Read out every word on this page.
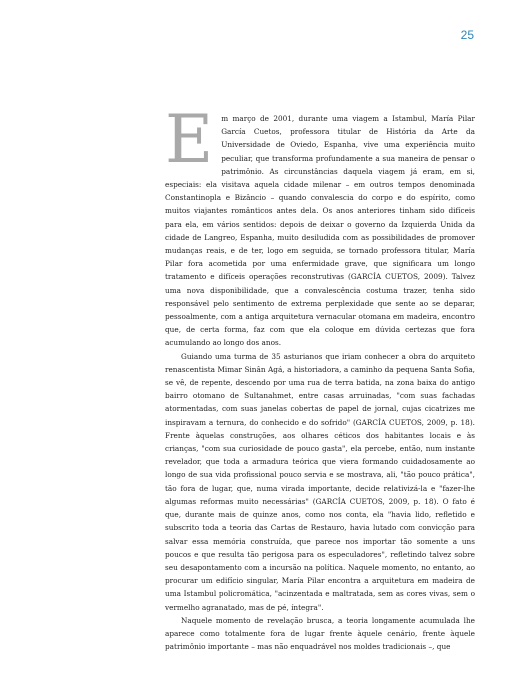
25

E m março de 2001, durante uma viagem a Istambul, María Pilar García Cuetos, professora titular de História da Arte da Universidade de Oviedo, Espanha, vive uma experiência muito peculiar, que transforma profundamente a sua maneira de pensar o patrimônio. As circunstâncias daquela viagem já eram, em si, especiais: ela visitava aquela cidade milenar – em outros tempos denominada Constantinopla e Bizâncio – quando convalescia do corpo e do espírito, como muitos viajantes românticos antes dela. Os anos anteriores tinham sido difíceis para ela, em vários sentidos: depois de deixar o governo da Izquierda Unida da cidade de Langreo, Espanha, muito desiludida com as possibilidades de promover mudanças reais, e de ter, logo em seguida, se tornado professora titular, María Pilar fora acometida por uma enfermidade grave, que significara um longo tratamento e difíceis operações reconstrutivas (GARCÍA CUETOS, 2009). Talvez uma nova disponibilidade, que a convalescência costuma trazer, tenha sido responsável pelo sentimento de extrema perplexidade que sente ao se deparar, pessoalmente, com a antiga arquitetura vernacular otomana em madeira, encontro que, de certa forma, faz com que ela coloque em dúvida certezas que fora acumulando ao longo dos anos.

Guiando uma turma de 35 asturianos que iriam conhecer a obra do arquiteto renascentista Mimar Sinân Agá, a historiadora, a caminho da pequena Santa Sofia, se vê, de repente, descendo por uma rua de terra batida, na zona baixa do antigo bairro otomano de Sultanahmet, entre casas arruinadas, "com suas fachadas atormentadas, com suas janelas cobertas de papel de jornal, cujas cicatrizes me inspiravam a ternura, do conhecido e do sofrido" (GARCÍA CUETOS, 2009, p. 18). Frente àquelas construções, aos olhares céticos dos habitantes locais e às crianças, "com sua curiosidade de pouco gasta", ela percebe, então, num instante revelador, que toda a armadura teórica que viera formando cuidadosamente ao longo de sua vida profissional pouco servia e se mostrava, ali, "tão pouco prática", tão fora de lugar, que, numa virada importante, decide relativizá-la e "fazer-lhe algumas reformas muito necessárias" (GARCÍA CUETOS, 2009, p. 18). O fato é que, durante mais de quinze anos, como nos conta, ela "havia lido, refletido e subscrito toda a teoria das Cartas de Restauro, havia lutado com convicção para salvar essa memória construída, que parece nos importar tão somente a uns poucos e que resulta tão perigosa para os especuladores", refletindo talvez sobre seu desapontamento com a incursão na política. Naquele momento, no entanto, ao procurar um edifício singular, María Pilar encontra a arquitetura em madeira de uma Istambul policromática, "acinzentada e maltratada, sem as cores vivas, sem o vermelho agranatado, mas de pé, íntegra".

Naquele momento de revelação brusca, a teoria longamente acumulada lhe aparece como totalmente fora de lugar frente àquele cenário, frente àquele patrimônio importante – mas não enquadrável nos moldes tradicionais –, que
